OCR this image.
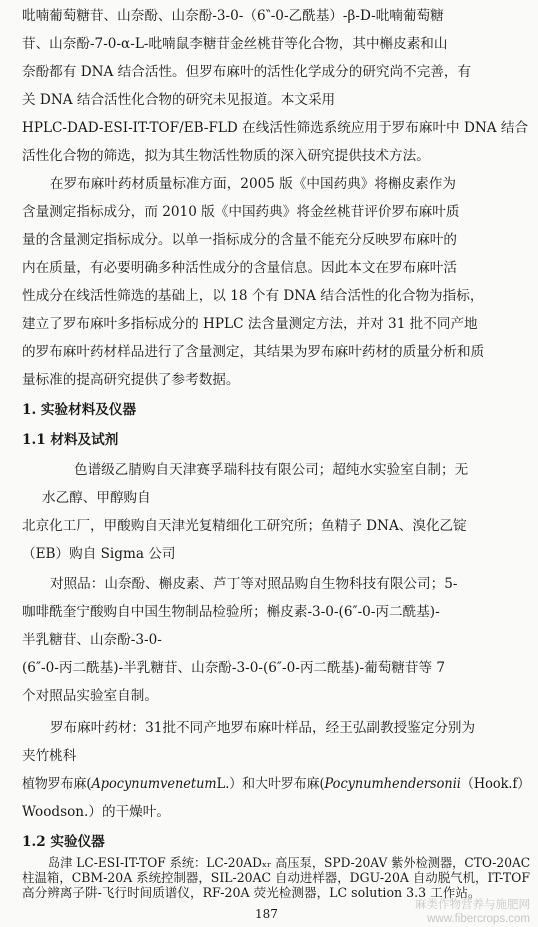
吡喃葡萄糖苷、山奈酚、山奈酚-3-0-（6‶-0-乙酰基）-β-D-吡喃葡萄糖
苷、山奈酚-7-0-α-L-吡喃鼠李糖苷金丝桃苷等化合物，其中槲皮素和山
奈酚都有 DNA 结合活性。但罗布麻叶的活性化学成分的研究尚不完善，有
关 DNA 结合活性化合物的研究未见报道。本文采用
HPLC-DAD-ESI-IT-TOF/EB-FLD 在线活性筛选系统应用于罗布麻叶中 DNA 结合
活性化合物的筛选，拟为其生物活性物质的深入研究提供技术方法。
在罗布麻叶药材质量标准方面，2005 版《中国药典》将槲皮素作为
含量测定指标成分，而 2010 版《中国药典》将金丝桃苷评价罗布麻叶质
量的含量测定指标成分。以单一指标成分的含量不能充分反映罗布麻叶的
内在质量，有必要明确多种活性成分的含量信息。因此本文在罗布麻叶活
性成分在线活性筛选的基础上，以 18 个有 DNA 结合活性的化合物为指标，
建立了罗布麻叶多指标成分的 HPLC 法含量测定方法，并对 31 批不同产地
的罗布麻叶药材样品进行了含量测定，其结果为罗布麻叶药材的质量分析和质
量标准的提高研究提供了参考数据。
1. 实验材料及仪器
1.1 材料及试剂
色谱级乙腈购自天津赛孚瑞科技有限公司；超纯水实验室自制；无
水乙醇、甲醇购自
北京化工厂，甲酸购自天津光复精细化工研究所；鱼精子 DNA、溴化乙锭
（EB）购自 Sigma 公司
对照品：山奈酚、槲皮素、芦丁等对照品购自生物科技有限公司；5-
咖啡酰奎宁酸购自中国生物制品检验所；槲皮素-3-0-(6″-0-丙二酰基)-
半乳糖苷、山奈酚-3-0-
(6″-0-丙二酰基)-半乳糖苷、山奈酚-3-0-(6″-0-丙二酰基)-葡萄糖苷等 7
个对照品实验室自制。
罗布麻叶药材：31批不同产地罗布麻叶样品，经王弘副教授鉴定分别为
夹竹桃科
植物罗布麻(ApocynumvenetumL.）和大叶罗布麻(Pocynumhendersonii（Hook.f）
Woodson.）的干燥叶。
1.2 实验仪器
岛津 LC-ESI-IT-TOF 系统：LC-20ADₓᵣ 高压泵，SPD-20AV 紫外检测器，CTO-20AC
187
麻类作物营养与施肥网
www.fibercrops.com
柱温箱，CBM-20A 系统控制器，SIL-20AC 自动进样器，DGU-20A 自动脱气机，IT-TOF
高分辨离子阱-飞行时间质谱仪，RF-20A 荧光检测器，LC solution 3.3 工作站。
